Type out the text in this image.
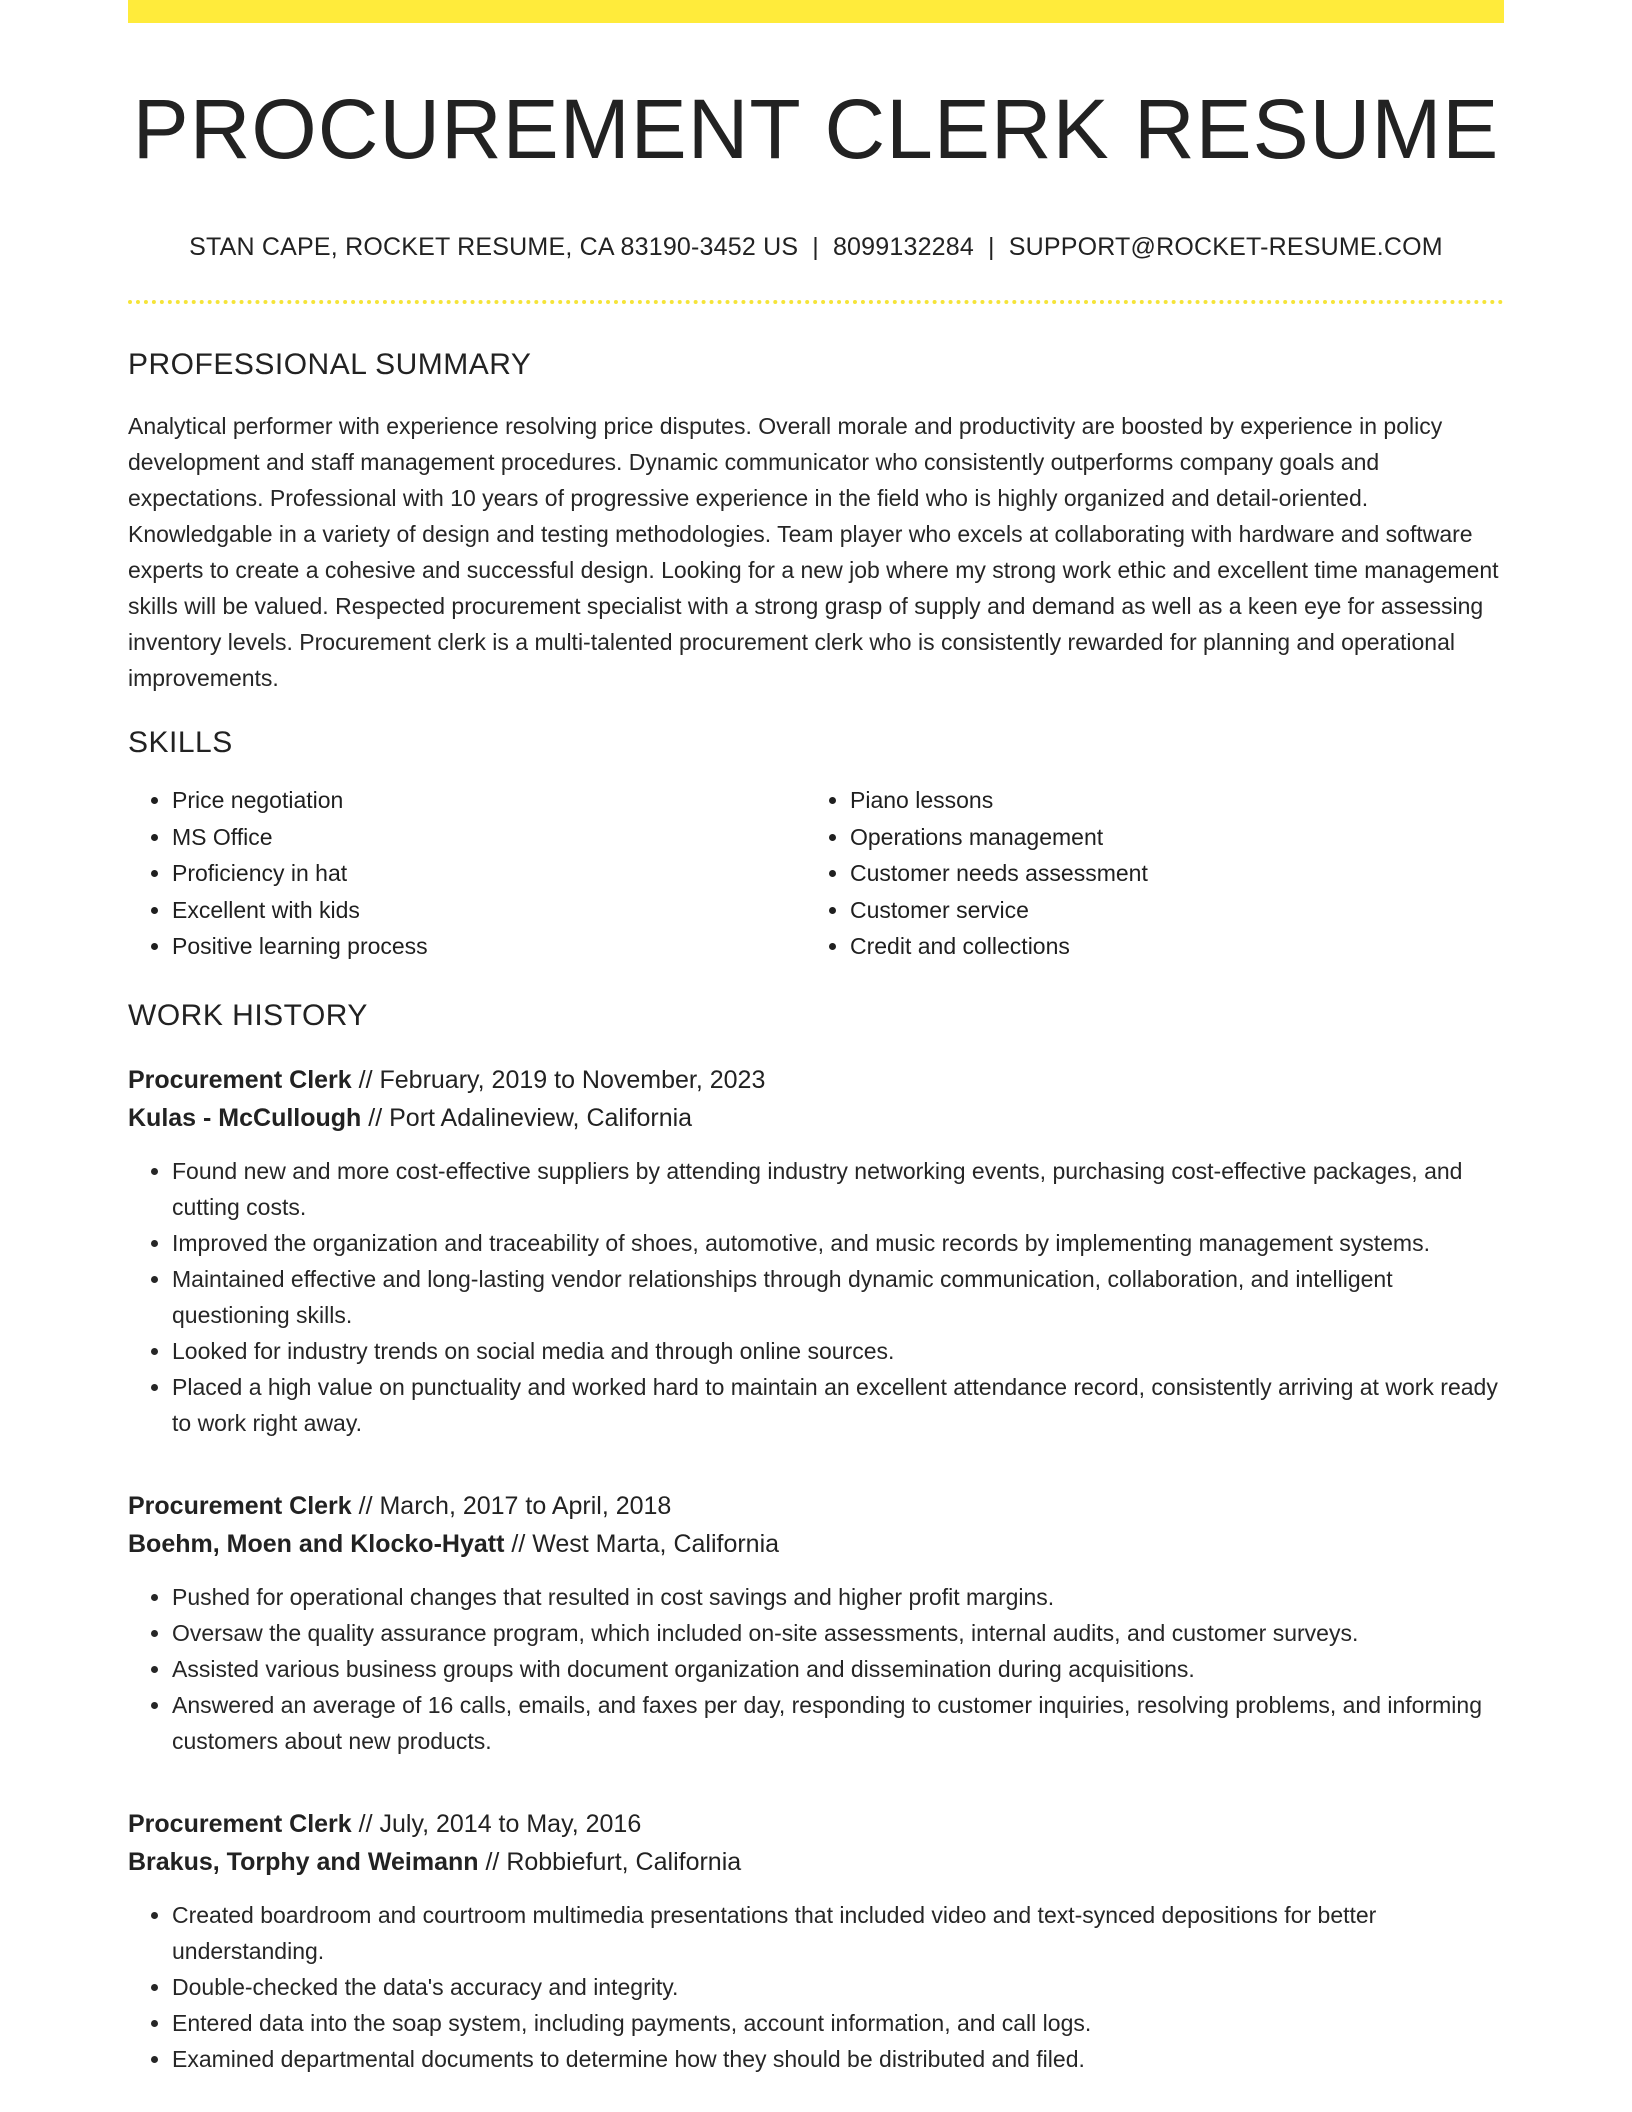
PROCUREMENT CLERK RESUME
STAN CAPE, ROCKET RESUME, CA 83190-3452 US | 8099132284 | SUPPORT@ROCKET-RESUME.COM
PROFESSIONAL SUMMARY

Analytical performer with experience resolving price disputes. Overall morale and productivity are boosted by experience in policy development and staff management procedures. Dynamic communicator who consistently outperforms company goals and expectations. Professional with 10 years of progressive experience in the field who is highly organized and detail-oriented. Knowledgable in a variety of design and testing methodologies. Team player who excels at collaborating with hardware and software experts to create a cohesive and successful design. Looking for a new job where my strong work ethic and excellent time management skills will be valued. Respected procurement specialist with a strong grasp of supply and demand as well as a keen eye for assessing inventory levels. Procurement clerk is a multi-talented procurement clerk who is consistently rewarded for planning and operational improvements.

SKILLS
• Price negotiation
• MS Office
• Proficiency in hat
• Excellent with kids
• Positive learning process
• Piano lessons
• Operations management
• Customer needs assessment
• Customer service
• Credit and collections
WORK HISTORY
Procurement Clerk // February, 2019 to November, 2023
Kulas - McCullough // Port Adalineview, California
• Found new and more cost-effective suppliers by attending industry networking events, purchasing cost-effective packages, and cutting costs.
• Improved the organization and traceability of shoes, automotive, and music records by implementing management systems.
• Maintained effective and long-lasting vendor relationships through dynamic communication, collaboration, and intelligent questioning skills.
• Looked for industry trends on social media and through online sources.
• Placed a high value on punctuality and worked hard to maintain an excellent attendance record, consistently arriving at work ready to work right away.
Procurement Clerk // March, 2017 to April, 2018
Boehm, Moen and Klocko-Hyatt // West Marta, California
• Pushed for operational changes that resulted in cost savings and higher profit margins.
• Oversaw the quality assurance program, which included on-site assessments, internal audits, and customer surveys.
• Assisted various business groups with document organization and dissemination during acquisitions.
• Answered an average of 16 calls, emails, and faxes per day, responding to customer inquiries, resolving problems, and informing customers about new products.
Procurement Clerk // July, 2014 to May, 2016
Brakus, Torphy and Weimann // Robbiefurt, California
• Created boardroom and courtroom multimedia presentations that included video and text-synced depositions for better understanding.
• Double-checked the data's accuracy and integrity.
• Entered data into the soap system, including payments, account information, and call logs.
• Examined departmental documents to determine how they should be distributed and filed.
